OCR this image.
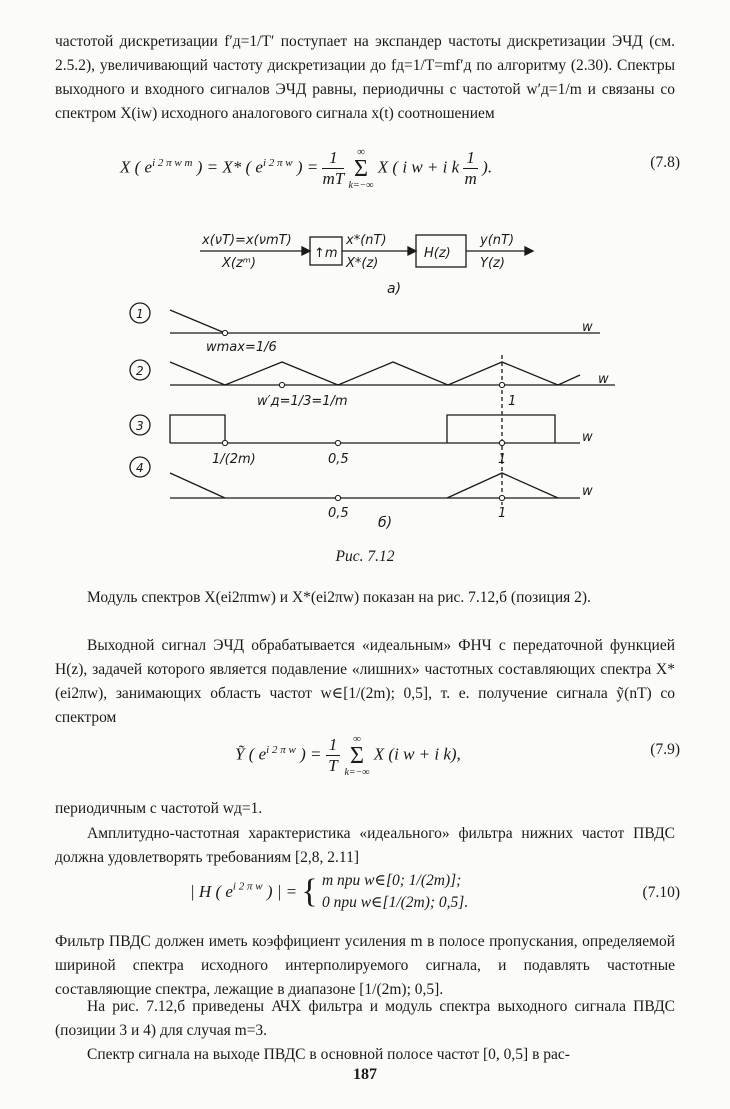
частотой дискретизации f′д=1/T′ поступает на экспандер частоты дискретизации ЭЧД (см. 2.5.2), увеличивающий частоту дискретизации до fд=1/T=mf′д по алгоритму (2.30). Спектры выходного и входного сигналов ЭЧД равны, периодичны с частотой w′д=1/m и связаны со спектром X(iw) исходного аналогового сигнала x(t) соотношением

X ( $e^{i 2 \pi w m}$ ) = X* ( $e^{i 2 \pi w}$ ) = $\frac{1}{mT}$
	∞
Σ
k=−∞
X ( i w + i k $\frac{1}{m}$ ).	(7.8)
x(νT)=x(νmT)
X(zᵐ)
↑m
x*(nT)
X*(z)
H(z)
y(nT)
Y(z)
a)
1
2
3
4
wmax=1/6
w
w′д=1/3=1/m	1
w
1/(2m)	0,5	1
w
0,5	1
w
б)
Рис. 7.12

Модуль спектров X(ei2πmw) и X*(ei2πw) показан на рис. 7.12,б (позиция 2).

Выходной сигнал ЭЧД обрабатывается «идеальным» ФНЧ с передаточной функцией H(z), задачей которого является подавление «лишних» частотных составляющих спектра X*(ei2πw), занимающих область частот w∈[1/(2m); 0,5], т. е. получение сигнала ỹ(nT) со спектром

Ỹ ( $e^{i 2 \pi w}$ ) = $\frac{1}{T}$
	∞
Σ
k=−∞
X (i w + i k),	(7.9)

периодичным с частотой wд=1.

Амплитудно-частотная характеристика «идеального» фильтра нижних частот ПВДС должна удовлетворять требованиям [2,8, 2.11]

| H ( $e^{i 2 \pi w}$ ) | = { m при w∈[0; 1/(2m)];
0 при w∈[1/(2m); 0,5].
(7.10)

Фильтр ПВДС должен иметь коэффициент усиления m в полосе пропускания, определяемой шириной спектра исходного интерполируемого сигнала, и подавлять частотные составляющие спектра, лежащие в диапазоне [1/(2m); 0,5].

На рис. 7.12,б приведены АЧХ фильтра и модуль спектра выходного сигнала ПВДС (позиции 3 и 4) для случая m=3.

Спектр сигнала на выходе ПВДС в основной полосе частот [0, 0,5] в рас-

187
